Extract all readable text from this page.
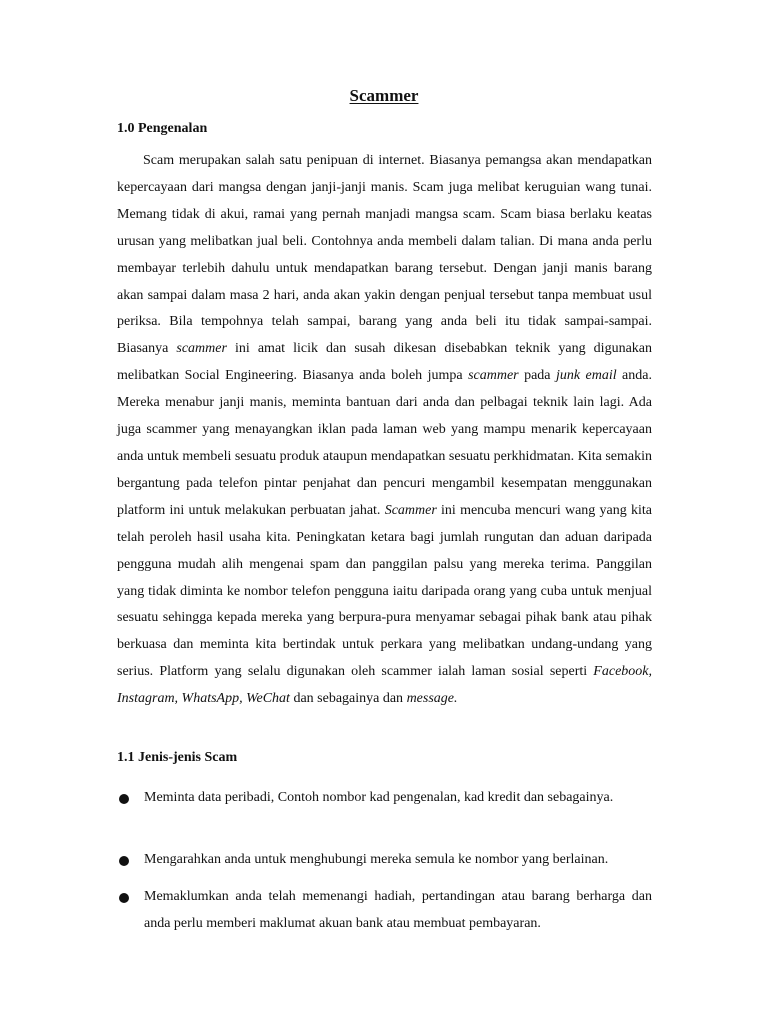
Scammer
1.0 Pengenalan

Scam merupakan salah satu penipuan di internet. Biasanya pemangsa akan mendapatkan kepercayaan dari mangsa dengan janji-janji manis. Scam juga melibat keruguian wang tunai. Memang tidak di akui, ramai yang pernah manjadi mangsa scam. Scam biasa berlaku keatas urusan yang melibatkan jual beli. Contohnya anda membeli dalam talian. Di mana anda perlu membayar terlebih dahulu untuk mendapatkan barang tersebut. Dengan janji manis barang akan sampai dalam masa 2 hari, anda akan yakin dengan penjual tersebut tanpa membuat usul periksa. Bila tempohnya telah sampai, barang yang anda beli itu tidak sampai-sampai. Biasanya scammer ini amat licik dan susah dikesan disebabkan teknik yang digunakan melibatkan Social Engineering. Biasanya anda boleh jumpa scammer pada junk email anda. Mereka menabur janji manis, meminta bantuan dari anda dan pelbagai teknik lain lagi. Ada juga scammer yang menayangkan iklan pada laman web yang mampu menarik kepercayaan anda untuk membeli sesuatu produk ataupun mendapatkan sesuatu perkhidmatan. Kita semakin bergantung pada telefon pintar penjahat dan pencuri mengambil kesempatan menggunakan platform ini untuk melakukan perbuatan jahat. Scammer ini mencuba mencuri wang yang kita telah peroleh hasil usaha kita. Peningkatan ketara bagi jumlah rungutan dan aduan daripada pengguna mudah alih mengenai spam dan panggilan palsu yang mereka terima. Panggilan yang tidak diminta ke nombor telefon pengguna iaitu daripada orang yang cuba untuk menjual sesuatu sehingga kepada mereka yang berpura-pura menyamar sebagai pihak bank atau pihak berkuasa dan meminta kita bertindak untuk perkara yang melibatkan undang-undang yang serius. Platform yang selalu digunakan oleh scammer ialah laman sosial seperti Facebook, Instagram, WhatsApp, WeChat dan sebagainya dan message.

1.1 Jenis-jenis Scam
Meminta data peribadi, Contoh nombor kad pengenalan, kad kredit dan sebagainya.
Mengarahkan anda untuk menghubungi mereka semula ke nombor yang berlainan.
Memaklumkan anda telah memenangi hadiah, pertandingan atau barang berharga dan anda perlu memberi maklumat akuan bank atau membuat pembayaran.
